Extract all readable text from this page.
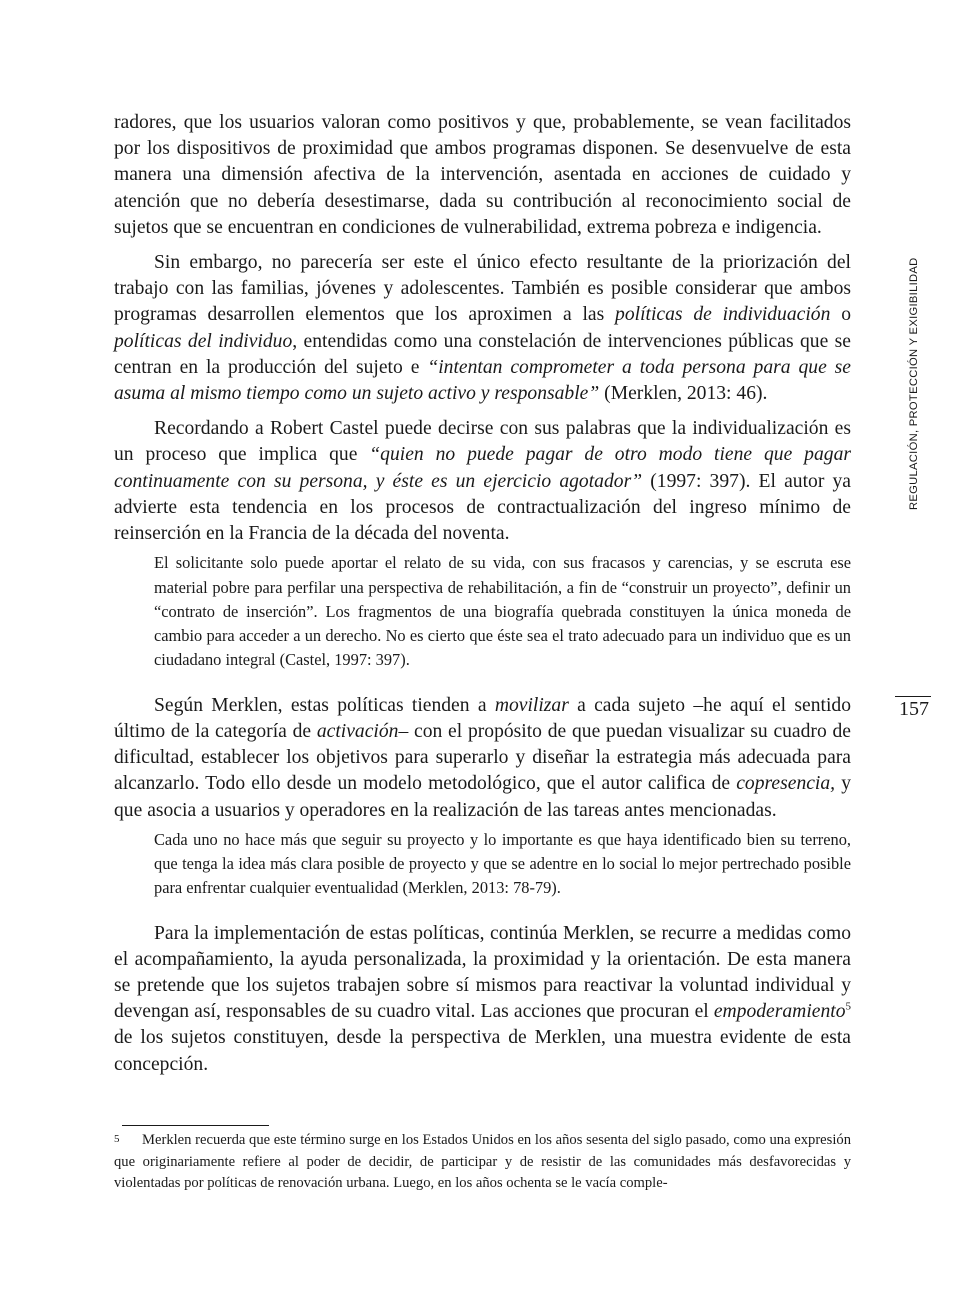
radores, que los usuarios valoran como positivos y que, probablemente, se vean facilitados por los dispositivos de proximidad que ambos programas disponen. Se desenvuelve de esta manera una dimensión afectiva de la intervención, asentada en acciones de cuidado y atención que no debería desestimarse, dada su contribución al reconocimiento social de sujetos que se encuentran en condiciones de vulnerabilidad, extrema pobreza e indigencia.

Sin embargo, no parecería ser este el único efecto resultante de la priorización del trabajo con las familias, jóvenes y adolescentes. También es posible considerar que ambos programas desarrollen elementos que los aproximen a las políticas de individuación o políticas del individuo, entendidas como una constelación de intervenciones públicas que se centran en la producción del sujeto e “intentan comprometer a toda persona para que se asuma al mismo tiempo como un sujeto activo y responsable” (Merklen, 2013: 46).

Recordando a Robert Castel puede decirse con sus palabras que la individualización es un proceso que implica que “quien no puede pagar de otro modo tiene que pagar continuamente con su persona, y éste es un ejercicio agotador” (1997: 397). El autor ya advierte esta tendencia en los procesos de contractualización del ingreso mínimo de reinserción en la Francia de la década del noventa.

El solicitante solo puede aportar el relato de su vida, con sus fracasos y carencias, y se escruta ese material pobre para perfilar una perspectiva de rehabilitación, a fin de “construir un proyecto”, definir un “contrato de inserción”. Los fragmentos de una biografía quebrada constituyen la única moneda de cambio para acceder a un derecho. No es cierto que éste sea el trato adecuado para un individuo que es un ciudadano integral (Castel, 1997: 397).

Según Merklen, estas políticas tienden a movilizar a cada sujeto –he aquí el sentido último de la categoría de activación– con el propósito de que puedan visualizar su cuadro de dificultad, establecer los objetivos para superarlo y diseñar la estrategia más adecuada para alcanzarlo. Todo ello desde un modelo metodológico, que el autor califica de copresencia, y que asocia a usuarios y operadores en la realización de las tareas antes mencionadas.

Cada uno no hace más que seguir su proyecto y lo importante es que haya identificado bien su terreno, que tenga la idea más clara posible de proyecto y que se adentre en lo social lo mejor pertrechado posible para enfrentar cualquier eventualidad (Merklen, 2013: 78-79).

Para la implementación de estas políticas, continúa Merklen, se recurre a medidas como el acompañamiento, la ayuda personalizada, la proximidad y la orientación. De esta manera se pretende que los sujetos trabajen sobre sí mismos para reactivar la voluntad individual y devengan así, responsables de su cuadro vital. Las acciones que procuran el empoderamiento$^5$ de los sujetos constituyen, desde la perspectiva de Merklen, una muestra evidente de esta concepción.

5 Merklen recuerda que este término surge en los Estados Unidos en los años sesenta del siglo pasado, como una expresión que originariamente refiere al poder de decidir, de participar y de resistir de las comunidades más desfavorecidas y violentadas por políticas de renovación urbana. Luego, en los años ochenta se le vacía comple-
REGULACIÓN, PROTECCIÓN Y EXIGIBILIDAD
157
